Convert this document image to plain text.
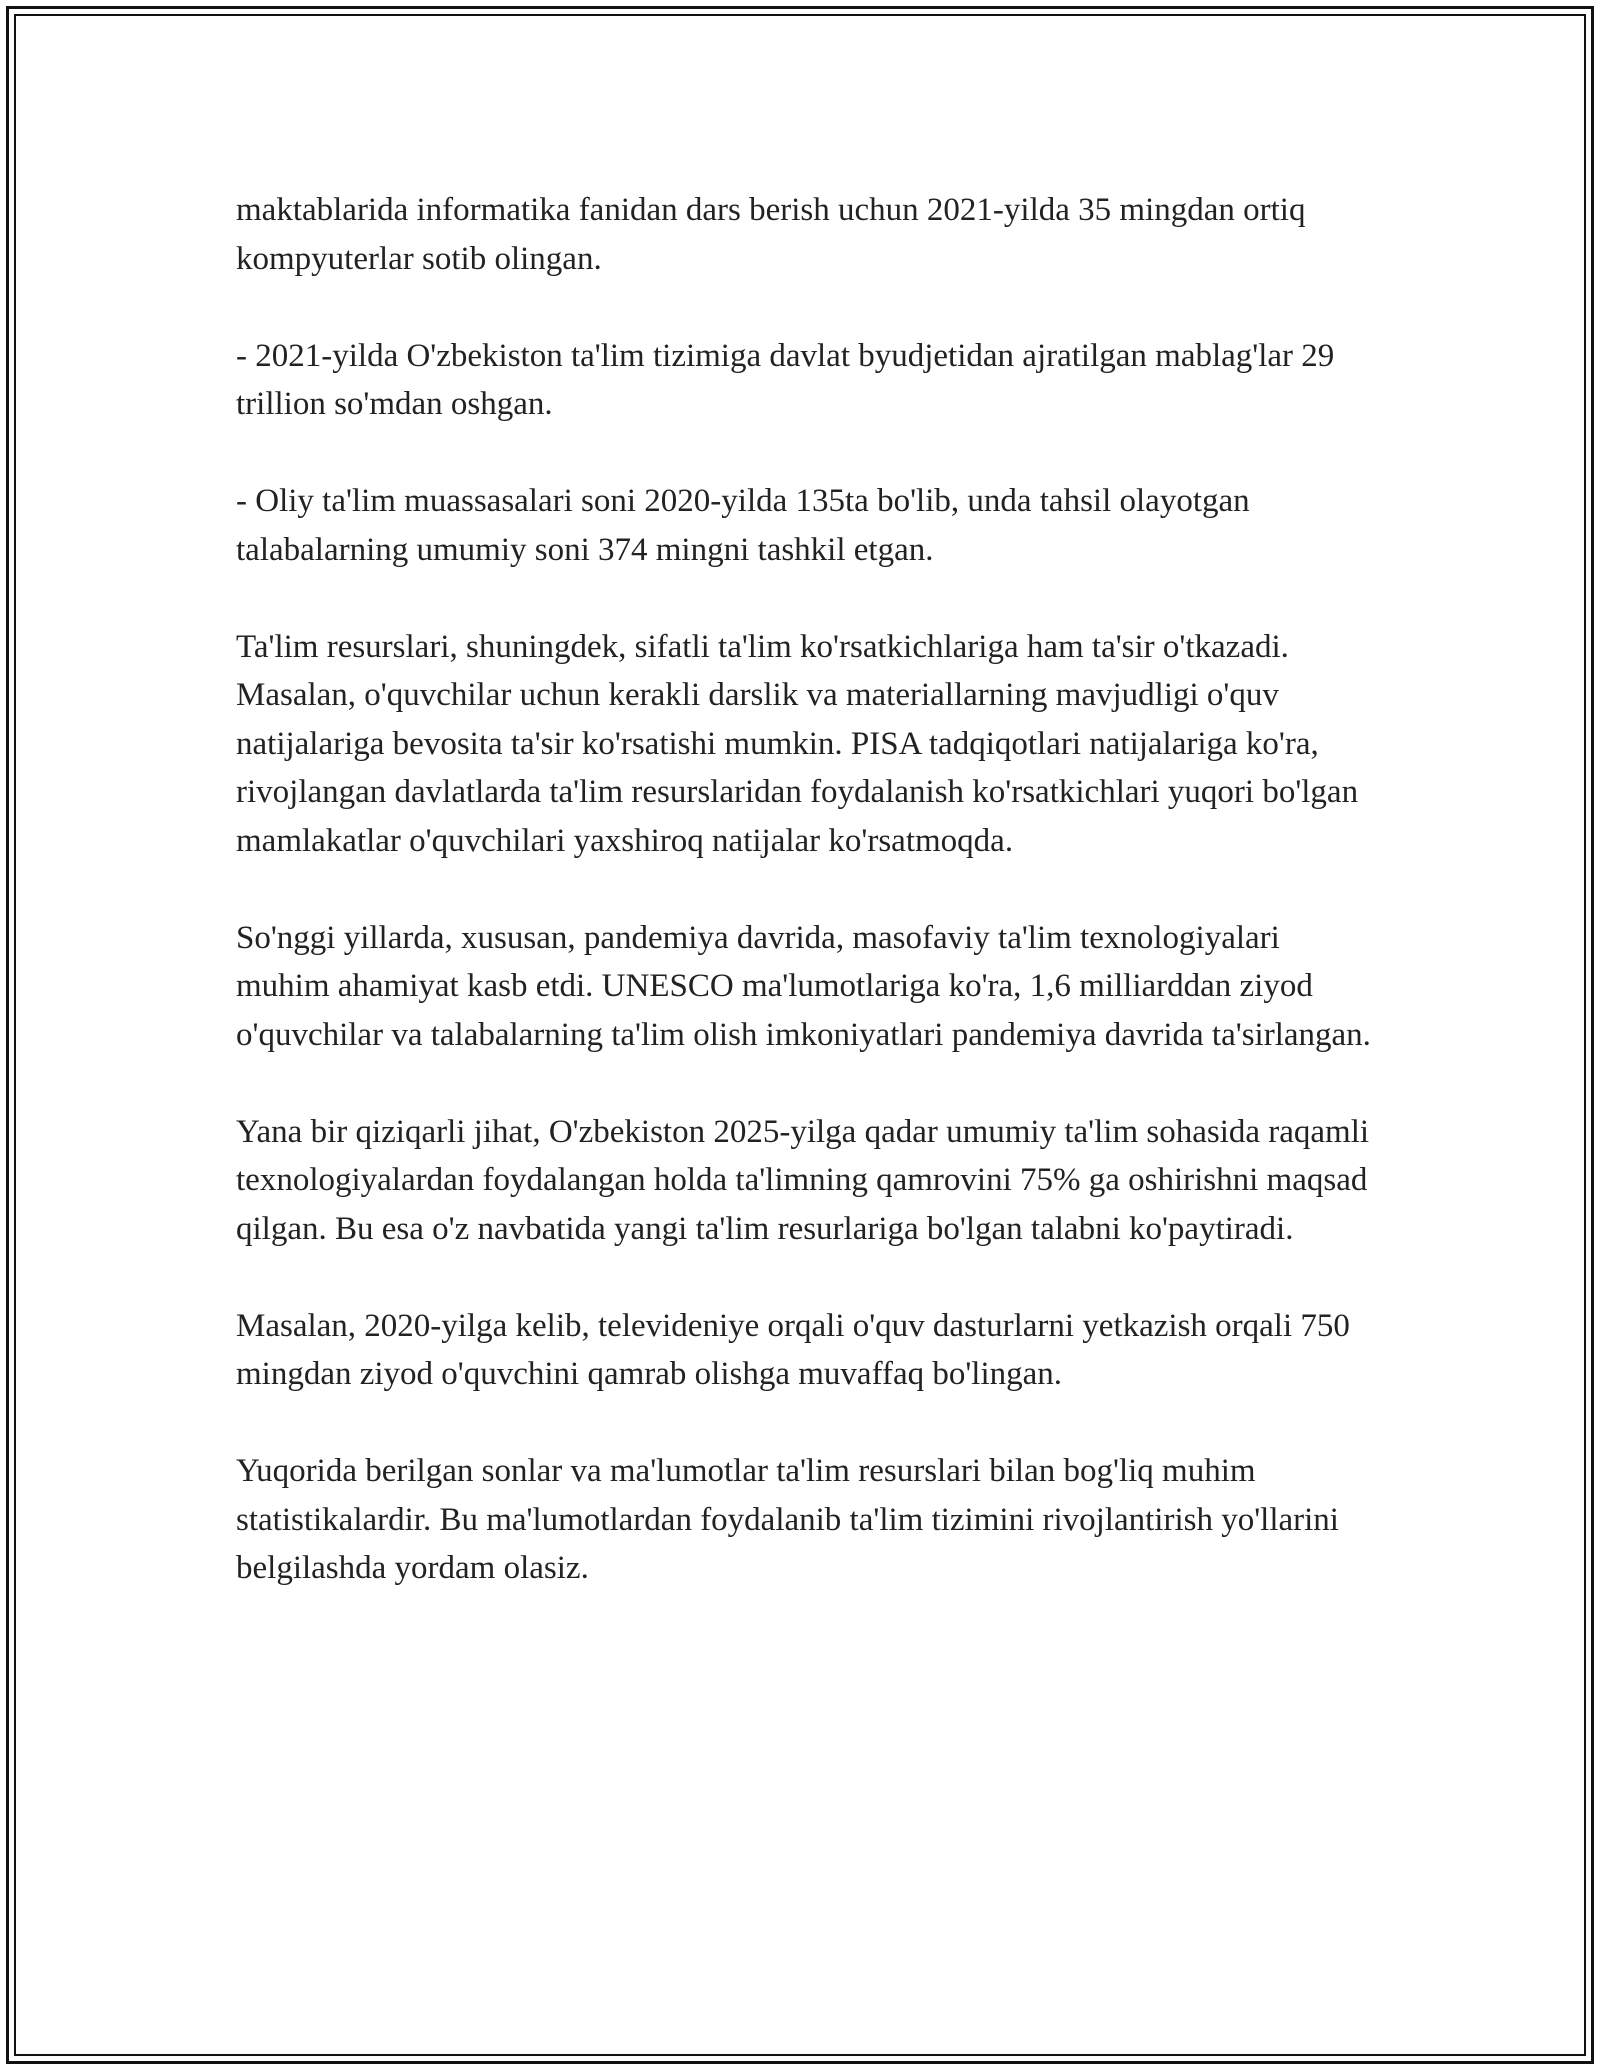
maktablarida informatika fanidan dars berish uchun 2021-yilda 35 mingdan ortiq kompyuterlar sotib olingan.

- 2021-yilda O'zbekiston ta'lim tizimiga davlat byudjetidan ajratilgan mablag'lar 29 trillion so'mdan oshgan.

- Oliy ta'lim muassasalari soni 2020-yilda 135ta bo'lib, unda tahsil olayotgan talabalarning umumiy soni 374 mingni tashkil etgan.

Ta'lim resurslari, shuningdek, sifatli ta'lim ko'rsatkichlariga ham ta'sir o'tkazadi. Masalan, o'quvchilar uchun kerakli darslik va materiallarning mavjudligi o'quv natijalariga bevosita ta'sir ko'rsatishi mumkin. PISA tadqiqotlari natijalariga ko'ra, rivojlangan davlatlarda ta'lim resurslaridan foydalanish ko'rsatkichlari yuqori bo'lgan mamlakatlar o'quvchilari yaxshiroq natijalar ko'rsatmoqda.

So'nggi yillarda, xususan, pandemiya davrida, masofaviy ta'lim texnologiyalari muhim ahamiyat kasb etdi. UNESCO ma'lumotlariga ko'ra, 1,6 milliarddan ziyod o'quvchilar va talabalarning ta'lim olish imkoniyatlari pandemiya davrida ta'sirlangan.

Yana bir qiziqarli jihat, O'zbekiston 2025-yilga qadar umumiy ta'lim sohasida raqamli texnologiyalardan foydalangan holda ta'limning qamrovini 75% ga oshirishni maqsad qilgan. Bu esa o'z navbatida yangi ta'lim resurlariga bo'lgan talabni ko'paytiradi.

Masalan, 2020-yilga kelib, televideniye orqali o'quv dasturlarni yetkazish orqali 750 mingdan ziyod o'quvchini qamrab olishga muvaffaq bo'lingan.

Yuqorida berilgan sonlar va ma'lumotlar ta'lim resurslari bilan bog'liq muhim statistikalardir. Bu ma'lumotlardan foydalanib ta'lim tizimini rivojlantirish yo'llarini belgilashda yordam olasiz.
